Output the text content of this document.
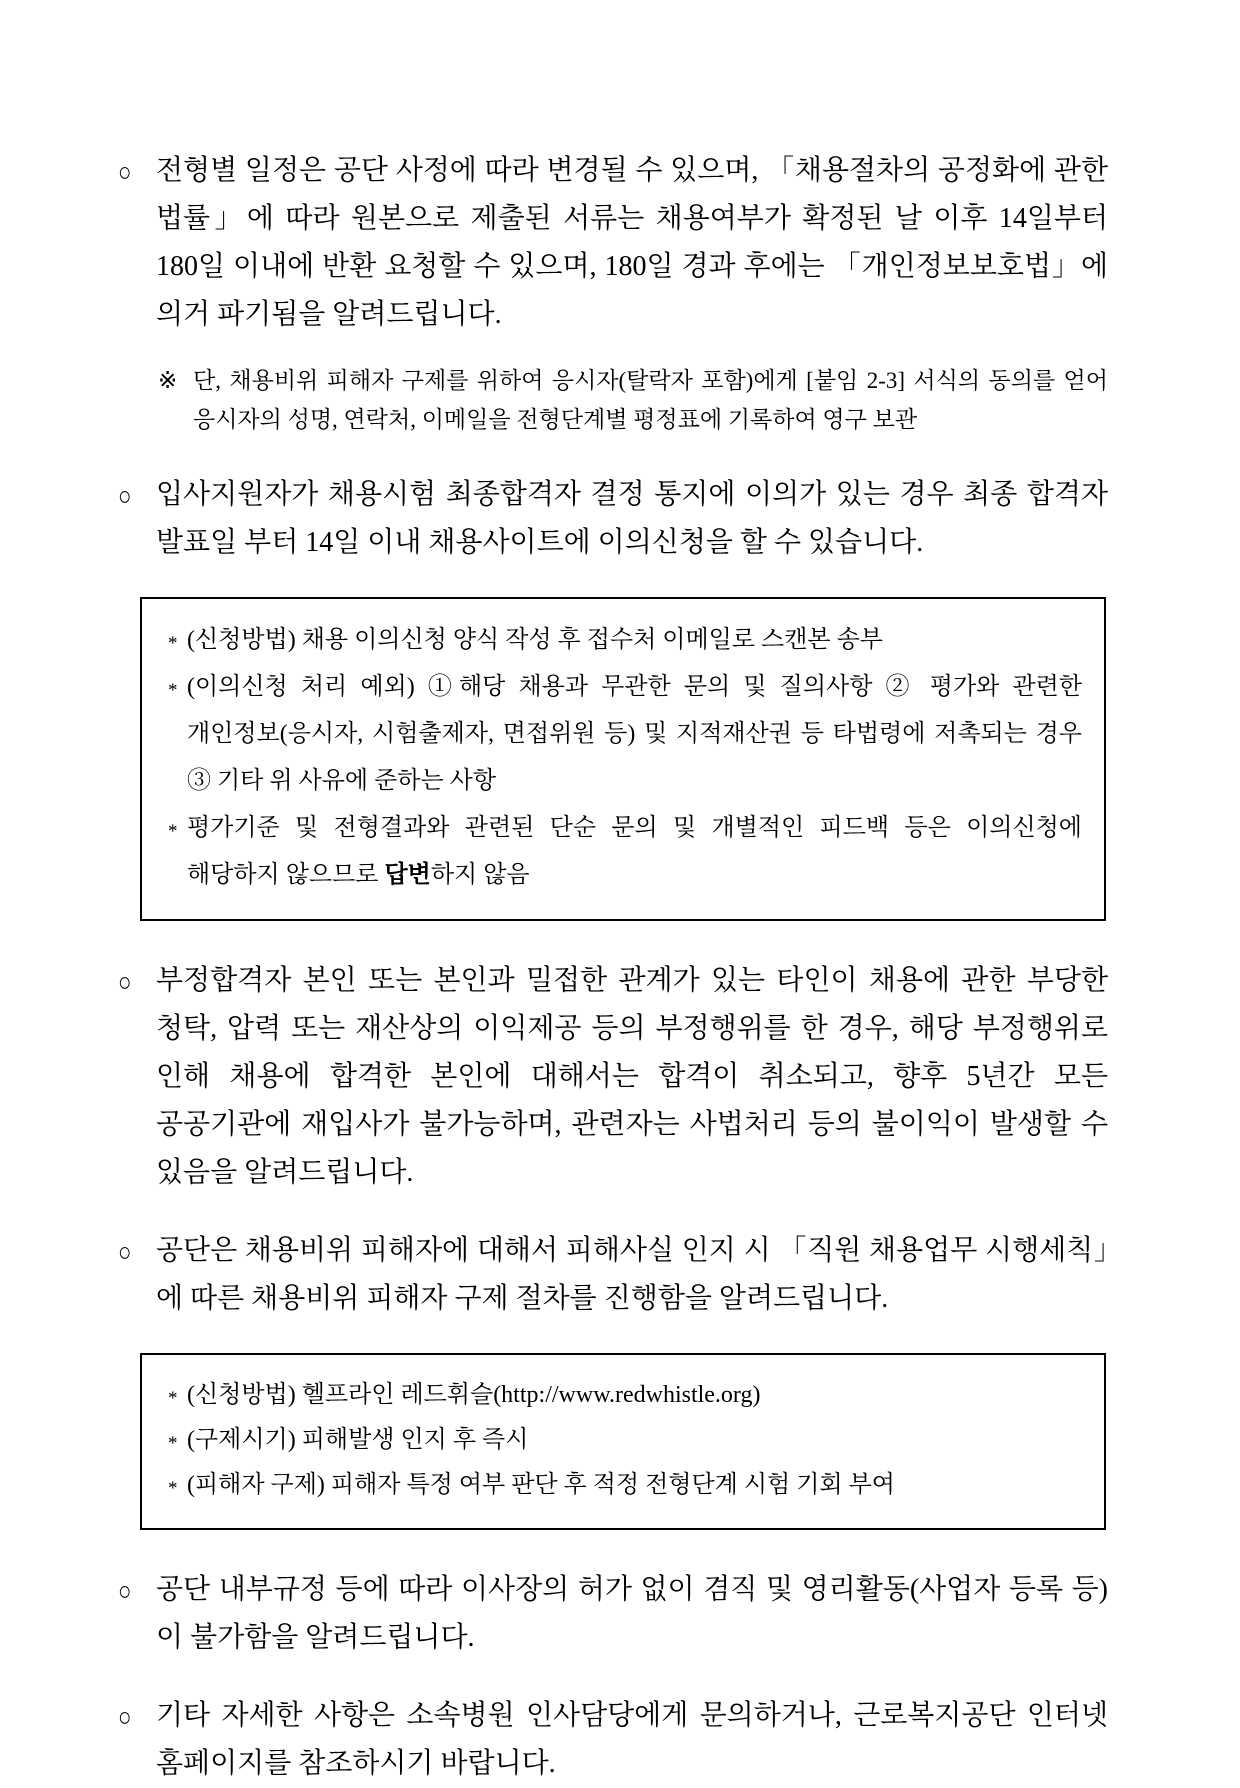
○ 전형별 일정은 공단 사정에 따라 변경될 수 있으며, 「채용절차의 공정화에 관한 법률」에 따라 원본으로 제출된 서류는 채용여부가 확정된 날 이후 14일부터 180일 이내에 반환 요청할 수 있으며, 180일 경과 후에는 「개인정보보호법」에 의거 파기됨을 알려드립니다.
※ 단, 채용비위 피해자 구제를 위하여 응시자(탈락자 포함)에게 [붙임 2-3] 서식의 동의를 얻어 응시자의 성명, 연락처, 이메일을 전형단계별 평정표에 기록하여 영구 보관
○ 입사지원자가 채용시험 최종합격자 결정 통지에 이의가 있는 경우 최종 합격자 발표일 부터 14일 이내 채용사이트에 이의신청을 할 수 있습니다.
* (신청방법) 채용 이의신청 양식 작성 후 접수처 이메일로 스캔본 송부
* (이의신청 처리 예외) ①해당 채용과 무관한 문의 및 질의사항 ② 평가와 관련한 개인정보(응시자, 시험출제자, 면접위원 등) 및 지적재산권 등 타법령에 저촉되는 경우 ③ 기타 위 사유에 준하는 사항
* 평가기준 및 전형결과와 관련된 단순 문의 및 개별적인 피드백 등은 이의신청에 해당하지 않으므로 답변하지 않음
○ 부정합격자 본인 또는 본인과 밀접한 관계가 있는 타인이 채용에 관한 부당한 청탁, 압력 또는 재산상의 이익제공 등의 부정행위를 한 경우, 해당 부정행위로 인해 채용에 합격한 본인에 대해서는 합격이 취소되고, 향후 5년간 모든 공공기관에 재입사가 불가능하며, 관련자는 사법처리 등의 불이익이 발생할 수 있음을 알려드립니다.
○ 공단은 채용비위 피해자에 대해서 피해사실 인지 시 「직원 채용업무 시행세칙」에 따른 채용비위 피해자 구제 절차를 진행함을 알려드립니다.
* (신청방법) 헬프라인 레드휘슬(http://www.redwhistle.org)
* (구제시기) 피해발생 인지 후 즉시
* (피해자 구제) 피해자 특정 여부 판단 후 적정 전형단계 시험 기회 부여
○ 공단 내부규정 등에 따라 이사장의 허가 없이 겸직 및 영리활동(사업자 등록 등)이 불가함을 알려드립니다.
○ 기타 자세한 사항은 소속병원 인사담당에게 문의하거나, 근로복지공단 인터넷 홈페이지를 참조하시기 바랍니다.
